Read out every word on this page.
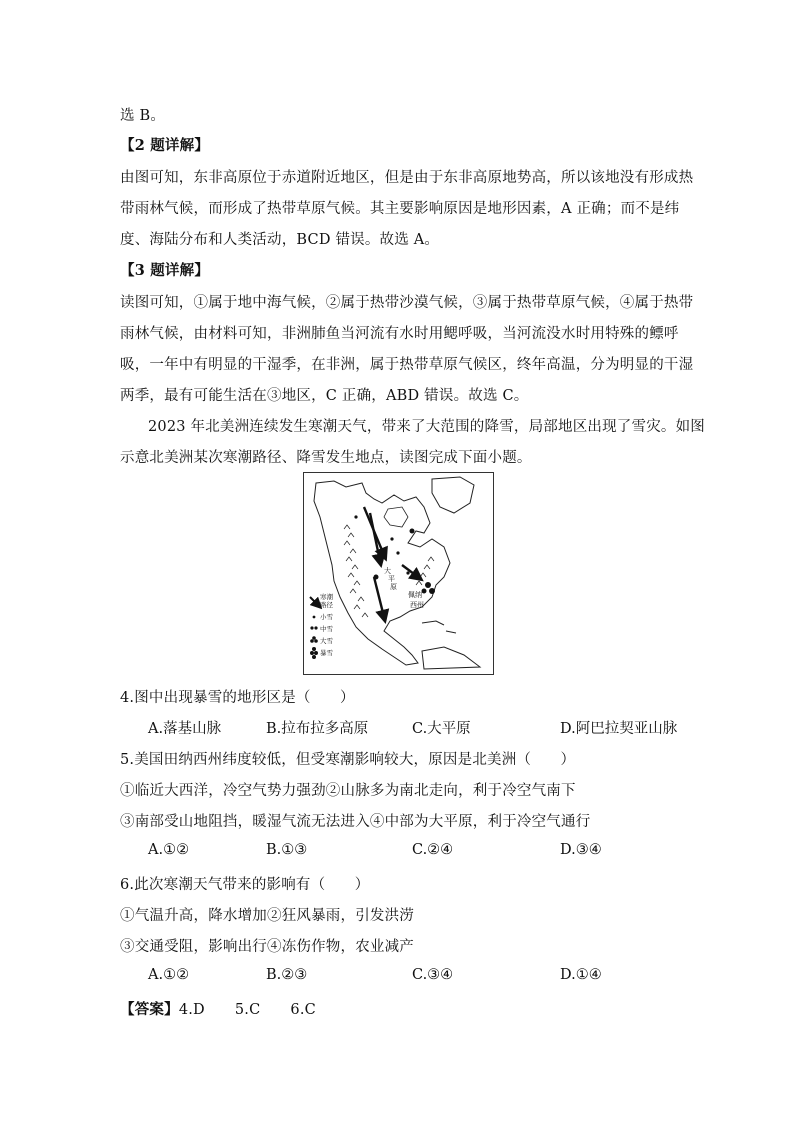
选 B。
【2 题详解】
由图可知，东非高原位于赤道附近地区，但是由于东非高原地势高，所以该地没有形成热
带雨林气候，而形成了热带草原气候。其主要影响原因是地形因素，A 正确；而不是纬
度、海陆分布和人类活动，BCD 错误。故选 A。
【3 题详解】
读图可知，①属于地中海气候，②属于热带沙漠气候，③属于热带草原气候，④属于热带
雨林气候，由材料可知，非洲肺鱼当河流有水时用鳃呼吸，当河流没水时用特殊的鳔呼
吸，一年中有明显的干湿季，在非洲，属于热带草原气候区，终年高温，分为明显的干湿
两季，最有可能生活在③地区，C 正确，ABD 错误。故选 C。
2023 年北美洲连续发生寒潮天气，带来了大范围的降雪，局部地区出现了雪灾。如图
示意北美洲某次寒潮路径、降雪发生地点，读图完成下面小题。
大
平
原
佩 纳
西 州
寒潮
路径
小雪
中雪
大雪
暴雪
4.图中出现暴雪的地形区是（　　）
A.落基山脉	B.拉布拉多高原	C.大平原	D.阿巴拉契亚山脉
5.美国田纳西州纬度较低，但受寒潮影响较大，原因是北美洲（　　）
①临近大西洋，冷空气势力强劲②山脉多为南北走向，利于冷空气南下
③南部受山地阻挡，暖湿气流无法进入④中部为大平原，利于冷空气通行
A.①②	B.①③	C.②④	D.③④
6.此次寒潮天气带来的影响有（　　）
①气温升高，降水增加②狂风暴雨，引发洪涝
③交通受阻，影响出行④冻伤作物，农业减产
A.①②	B.②③	C.③④	D.①④
【答案】4.D 5.C 6.C
